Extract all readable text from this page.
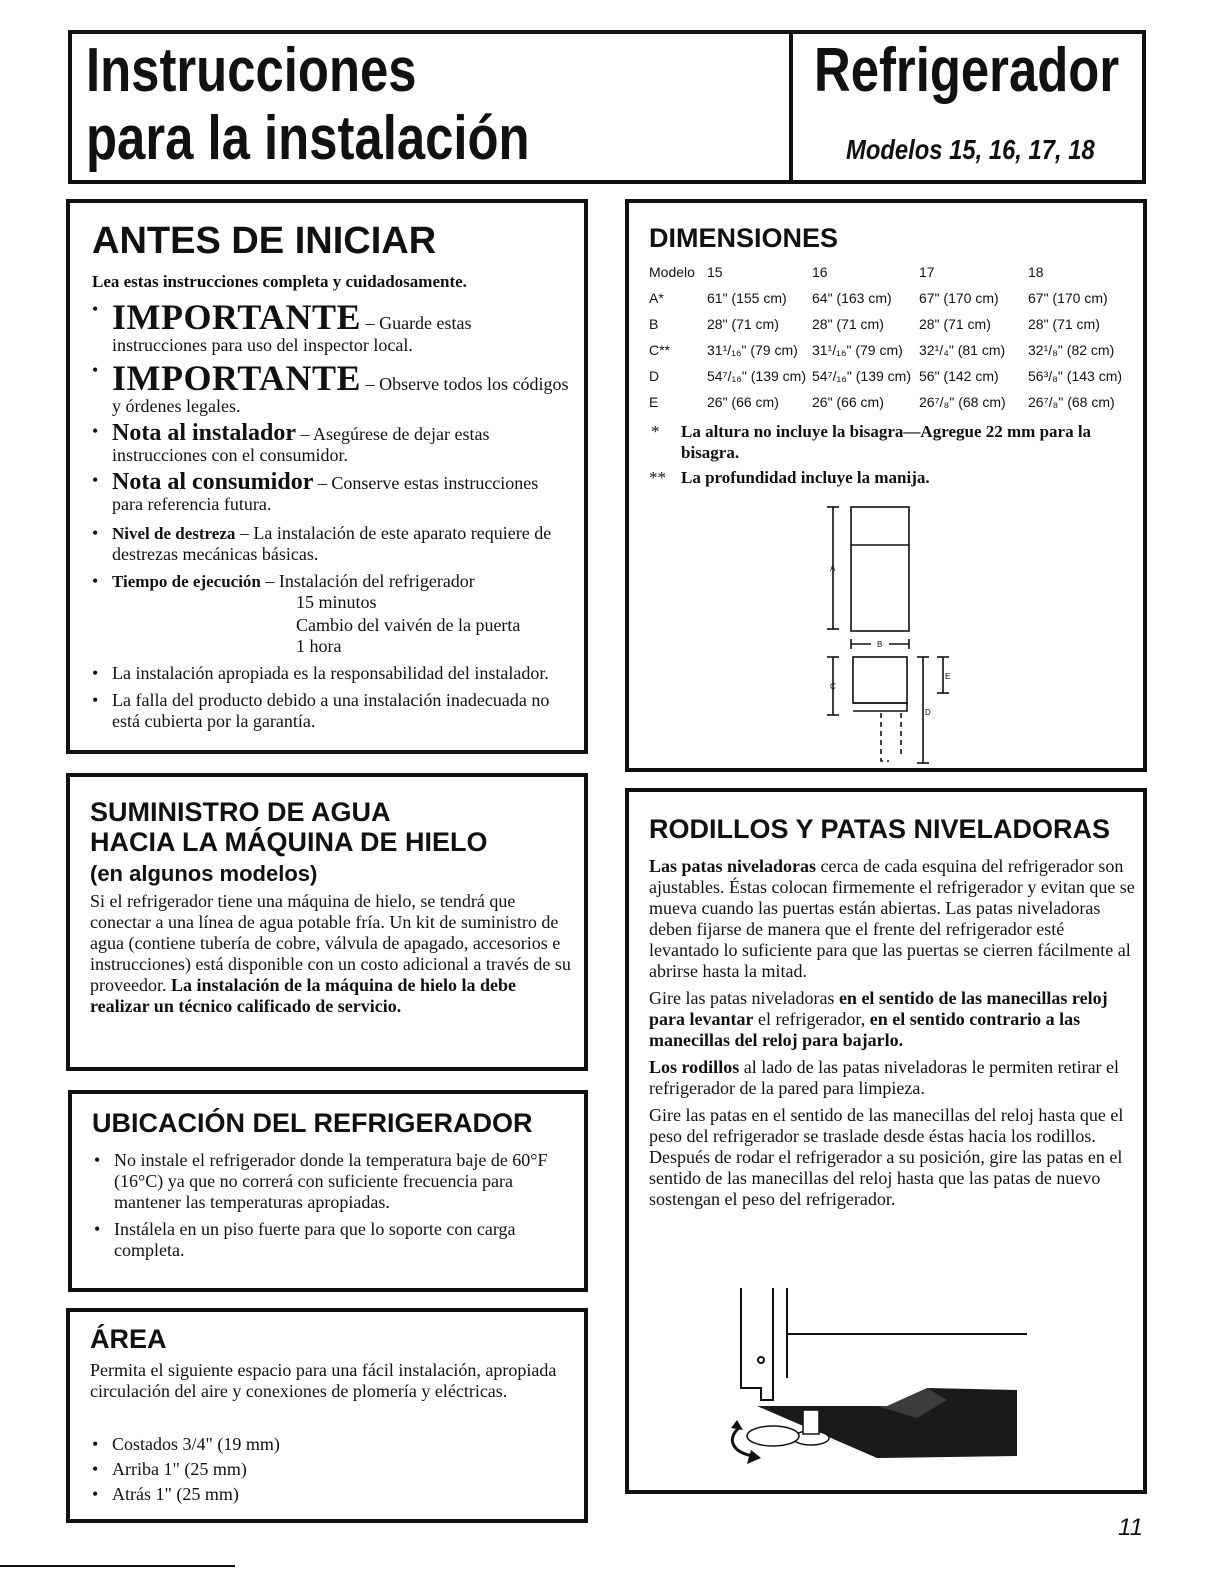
Instrucciones
para la instalación
Refrigerador
Modelos 15, 16, 17, 18
ANTES DE INICIAR
Lea estas instrucciones completa y cuidadosamente.
• IMPORTANTE – Guarde estas instrucciones para uso del inspector local.
• IMPORTANTE – Observe todos los códigos y órdenes legales.
• Nota al instalador – Asegúrese de dejar estas instrucciones con el consumidor.
• Nota al consumidor – Conserve estas instrucciones para referencia futura.
• Nivel de destreza – La instalación de este aparato requiere de destrezas mecánicas básicas.
• Tiempo de ejecución – Instalación del refrigerador
15 minutos
Cambio del vaivén de la puerta
1 hora
• La instalación apropiada es la responsabilidad del instalador.
• La falla del producto debido a una instalación inadecuada no está cubierta por la garantía.
DIMENSIONES
Modelo	15	16	17	18
A*	61" (155 cm)	64" (163 cm)	67" (170 cm)	67" (170 cm)
B	28" (71 cm)	28" (71 cm)	28" (71 cm)	28" (71 cm)
C**	31¹/₁₆" (79 cm)	31¹/₁₆" (79 cm)	32¹/₄" (81 cm)	32¹/₈" (82 cm)
D	54⁷/₁₆" (139 cm)	54⁷/₁₆" (139 cm)	56" (142 cm)	56³/₈" (143 cm)
E	26" (66 cm)	26" (66 cm)	26⁷/₈" (68 cm)	26⁷/₈" (68 cm)
*	La altura no incluye la bisagra—Agregue 22 mm para la bisagra.
** La profundidad incluye la manija.
A
B
C
D
E
SUMINISTRO DE AGUA
HACIA LA MÁQUINA DE HIELO
(en algunos modelos)
Si el refrigerador tiene una máquina de hielo, se tendrá que conectar a una línea de agua potable fría. Un kit de suministro de agua (contiene tubería de cobre, válvula de apagado, accesorios e instrucciones) está disponible con un costo adicional a través de su proveedor. La instalación de la máquina de hielo la debe realizar un técnico calificado de servicio.
UBICACIÓN DEL REFRIGERADOR
• No instale el refrigerador donde la temperatura baje de 60°F (16°C) ya que no correrá con suficiente frecuencia para mantener las temperaturas apropiadas.
• Instálela en un piso fuerte para que lo soporte con carga completa.
ÁREA
Permita el siguiente espacio para una fácil instalación, apropiada circulación del aire y conexiones de plomería y eléctricas.
• Costados 3/4" (19 mm)
• Arriba 1" (25 mm)
• Atrás 1" (25 mm)
RODILLOS Y PATAS NIVELADORAS

Las patas niveladoras cerca de cada esquina del refrigerador son ajustables. Éstas colocan firmemente el refrigerador y evitan que se mueva cuando las puertas están abiertas. Las patas niveladoras deben fijarse de manera que el frente del refrigerador esté levantado lo suficiente para que las puertas se cierren fácilmente al abrirse hasta la mitad.

Gire las patas niveladoras en el sentido de las manecillas reloj para levantar el refrigerador, en el sentido contrario a las manecillas del reloj para bajarlo.

Los rodillos al lado de las patas niveladoras le permiten retirar el refrigerador de la pared para limpieza.

Gire las patas en el sentido de las manecillas del reloj hasta que el peso del refrigerador se traslade desde éstas hacia los rodillos. Después de rodar el refrigerador a su posición, gire las patas en el sentido de las manecillas del reloj hasta que las patas de nuevo sostengan el peso del refrigerador.

11
